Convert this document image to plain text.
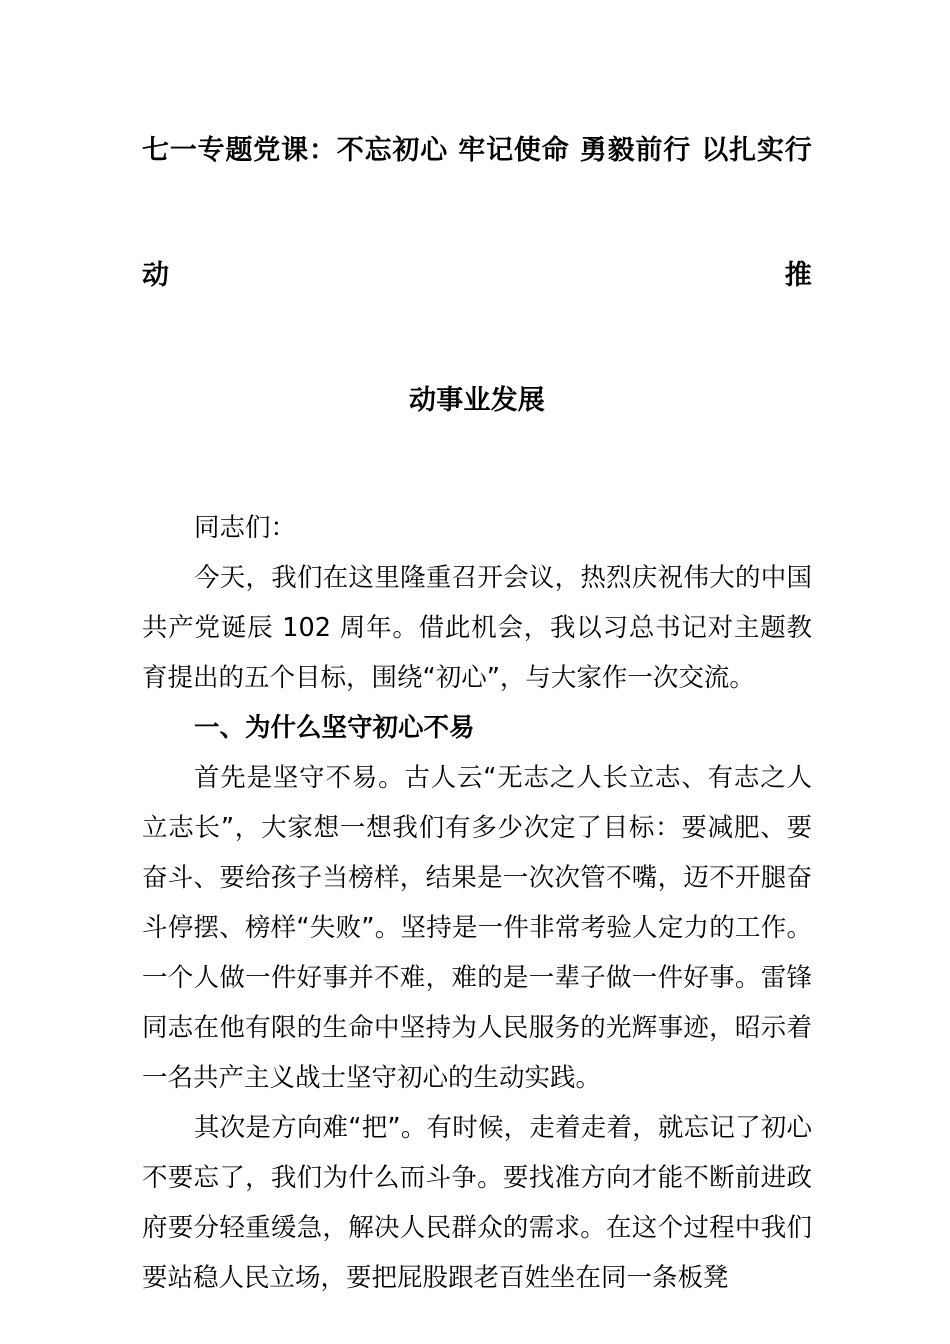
七一专题党课：不忘初心 牢记使命 勇毅前行 以扎实行动推
动事业发展

同志们：

今天，我们在这里隆重召开会议，热烈庆祝伟大的中国共产党诞辰 102 周年。借此机会，我以习总书记对主题教育提出的五个目标，围绕“初心”，与大家作一次交流。

一、为什么坚守初心不易

首先是坚守不易。古人云“无志之人长立志、有志之人立志长”，大家想一想我们有多少次定了目标：要减肥、要奋斗、要给孩子当榜样，结果是一次次管不嘴，迈不开腿奋斗停摆、榜样“失败”。坚持是一件非常考验人定力的工作。一个人做一件好事并不难，难的是一辈子做一件好事。雷锋同志在他有限的生命中坚持为人民服务的光辉事迹，昭示着一名共产主义战士坚守初心的生动实践。

其次是方向难“把”。有时候，走着走着，就忘记了初心不要忘了，我们为什么而斗争。要找准方向才能不断前进政府要分轻重缓急，解决人民群众的需求。在这个过程中我们要站稳人民立场，要把屁股跟老百姓坐在同一条板凳
